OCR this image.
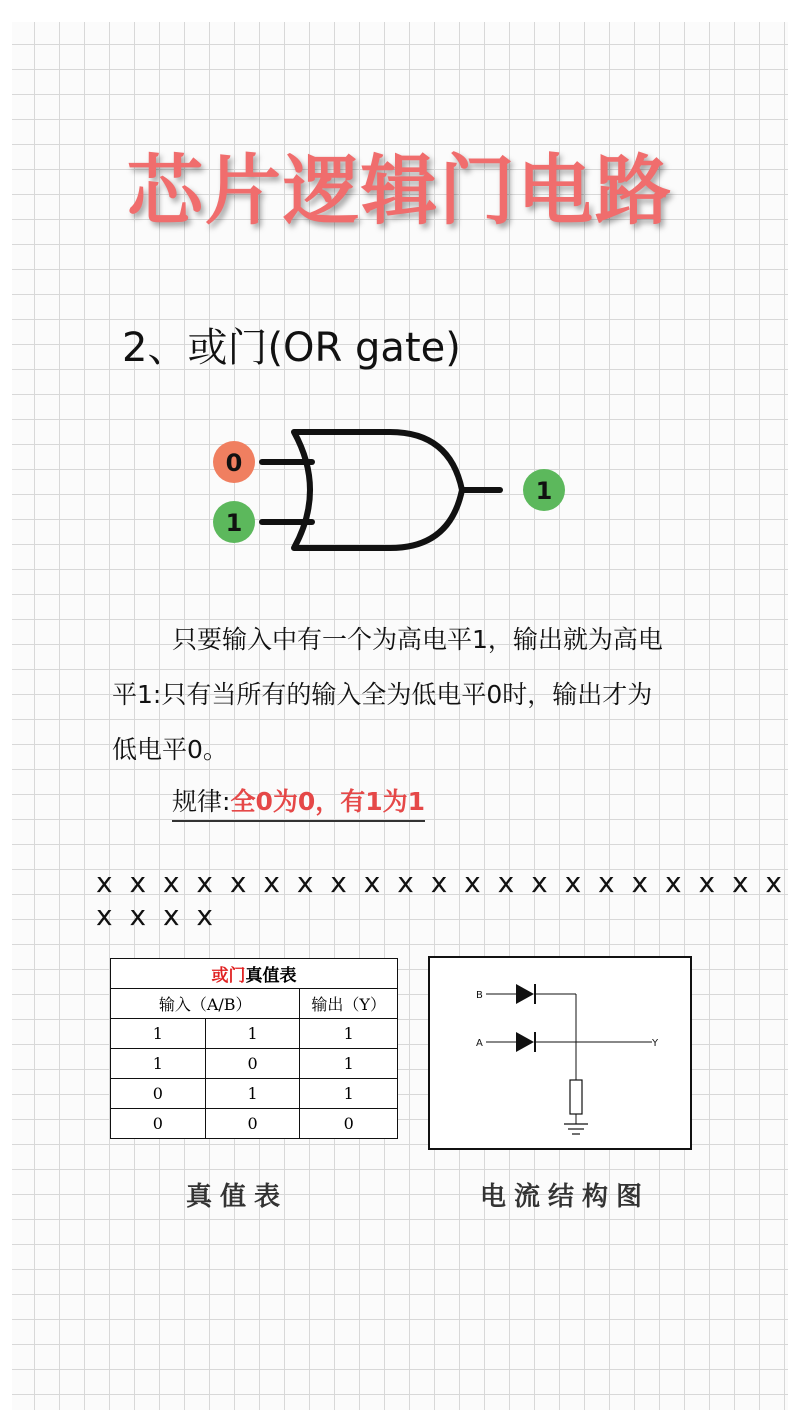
芯片逻辑门电路
2、或门(OR gate)
0
1
1
只要输入中有一个为高电平1，输出就为高电
平1:只有当所有的输入全为低电平0时，输出才为
低电平0。
规律:全0为0，有1为1
x x x x x x x x x x x x x x x x x x x x x x x x x
或门真值表		
输入（A/B）		输出（Y）
1	1	1
1	0	1
0	1	1
0	0	0
B
A	Y
真值表	电流结构图
